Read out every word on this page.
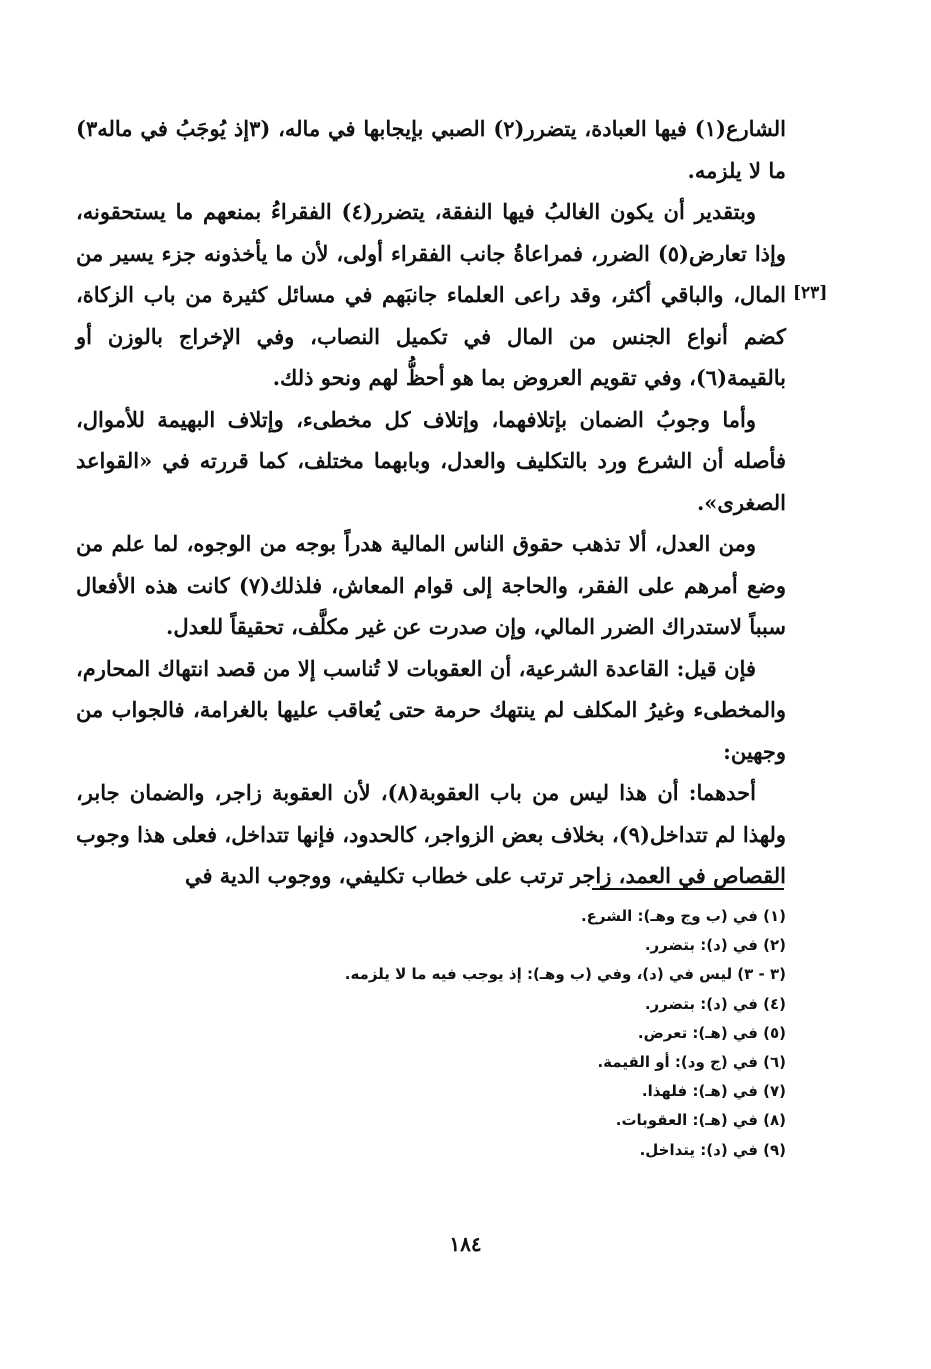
[٢٣]

الشارع(١) فيها العبادة، يتضرر(٢) الصبي بإيجابها في ماله، (٣إذ يُوجَبُ في ماله٣) ما لا يلزمه.

وبتقدير أن يكون الغالبُ فيها النفقة، يتضرر(٤) الفقراءُ بمنعهم ما يستحقونه، وإذا تعارض(٥) الضرر، فمراعاةُ جانب الفقراء أولى، لأن ما يأخذونه جزء يسير من المال، والباقي أكثر، وقد راعى العلماء جانبَهم في مسائل كثيرة من باب الزكاة، كضم أنواع الجنس من المال في تكميل النصاب، وفي الإخراج بالوزن أو بالقيمة(٦)، وفي تقويم العروض بما هو أحظُّ لهم ونحو ذلك.

وأما وجوبُ الضمان بإتلافهما، وإتلاف كل مخطىء، وإتلاف البهيمة للأموال، فأصله أن الشرع ورد بالتكليف والعدل، وبابهما مختلف، كما قررته في «القواعد الصغرى».

ومن العدل، ألا تذهب حقوق الناس المالية هدراً بوجه من الوجوه، لما علم من وضع أمرهم على الفقر، والحاجة إلى قوام المعاش، فلذلك(٧) كانت هذه الأفعال سبباً لاستدراك الضرر المالي، وإن صدرت عن غير مكلَّف، تحقيقاً للعدل.

فإن قيل: القاعدة الشرعية، أن العقوبات لا تُناسب إلا من قصد انتهاك المحارم، والمخطىء وغيرُ المكلف لم ينتهك حرمة حتى يُعاقب عليها بالغرامة، فالجواب من وجهين:

أحدهما: أن هذا ليس من باب العقوبة(٨)، لأن العقوبة زاجر، والضمان جابر، ولهذا لم تتداخل(٩)، بخلاف بعض الزواجر، كالحدود، فإنها تتداخل، فعلى هذا وجوب القصاص في العمد، زاجر ترتب على خطاب تكليفي، ووجوب الدية في

(١) في (ب وج وهـ): الشرع.
(٢) في (د): بتضرر.
(٣ - ٣) ليس في (د)، وفي (ب وهـ): إذ يوجب فيه ما لا يلزمه.
(٤) في (د): بتضرر.
(٥) في (هـ): تعرض.
(٦) في (ج ود): أو القيمة.
(٧) في (هـ): فلهذا.
(٨) في (هـ): العقوبات.
(٩) في (د): يتداخل.
١٨٤
